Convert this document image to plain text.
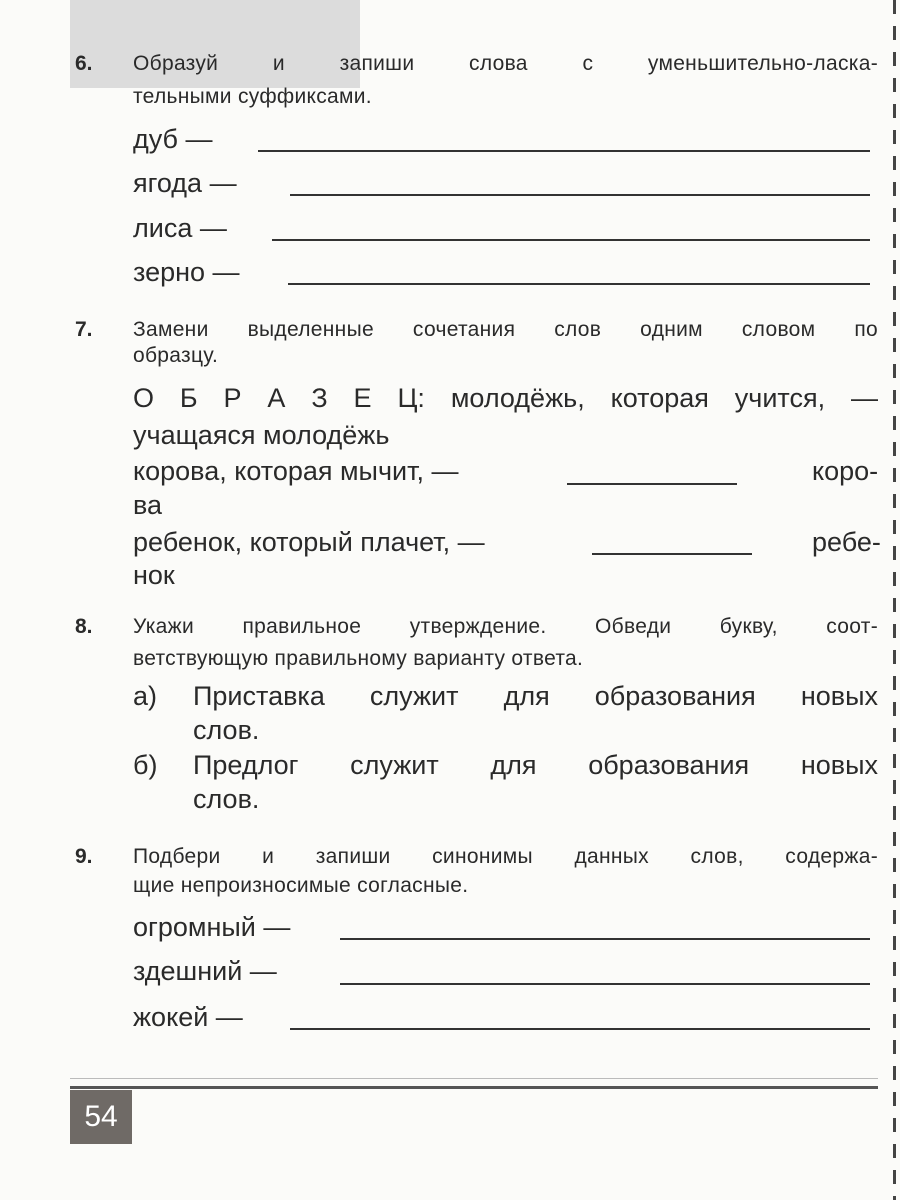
6. Образуй и запиши слова с уменьшительно-ласка-
тельными суффиксами.
дуб —
ягода —
лиса —
зерно —
7. Замени выделенные сочетания слов одним словом по
образцу.
О Б Р А З Е Ц: молодёжь, которая учится, —
учащаяся молодёжь
корова, которая мычит, —	коро-
ва
ребенок, который плачет, —	ребе-
нок
8. Укажи правильное утверждение. Обведи букву, соот-
ветствующую правильному варианту ответа.
а) Приставка служит для образования новых
слов.
б) Предлог служит для образования новых
слов.
9. Подбери и запиши синонимы данных слов, содержа-
щие непроизносимые согласные.
огромный —
здешний —
жокей —
54
